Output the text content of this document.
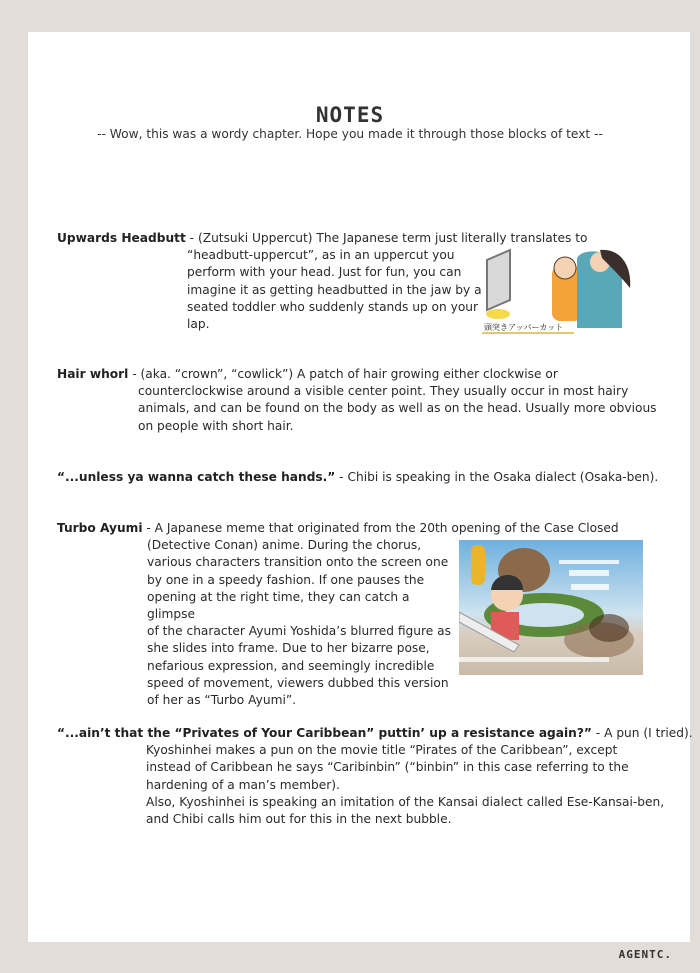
NOTES
-- Wow, this was a wordy chapter. Hope you made it through those blocks of text --
Upwards Headbutt - (Zutsuki Uppercut) The Japanese term just literally translates to
“headbutt-uppercut”, as in an uppercut you
perform with your head. Just for fun, you can
imagine it as getting headbutted in the jaw by a
seated toddler who suddenly stands up on your
lap.	頭突きアッパーカット
Hair whorl - (aka. “crown”, “cowlick”) A patch of hair growing either clockwise or
counterclockwise around a visible center point. They usually occur in most hairy
animals, and can be found on the body as well as on the head. Usually more obvious
on people with short hair.
“...unless ya wanna catch these hands.” - Chibi is speaking in the Osaka dialect (Osaka-ben).
Turbo Ayumi - A Japanese meme that originated from the 20th opening of the Case Closed
(Detective Conan) anime. During the chorus,
various characters transition onto the screen one
by one in a speedy fashion. If one pauses the
opening at the right time, they can catch a glimpse
of the character Ayumi Yoshida’s blurred figure as
she slides into frame. Due to her bizarre pose,
nefarious expression, and seemingly incredible
speed of movement, viewers dubbed this version
of her as “Turbo Ayumi”.
“...ain’t that the “Privates of Your Caribbean” puttin’ up a resistance again?” - A pun (I tried).
Kyoshinhei makes a pun on the movie title “Pirates of the Caribbean”, except
instead of Caribbean he says “Caribinbin” (“binbin” in this case referring to the
hardening of a man’s member).
Also, Kyoshinhei is speaking an imitation of the Kansai dialect called Ese-Kansai-ben,
and Chibi calls him out for this in the next bubble.
AGENTC.
